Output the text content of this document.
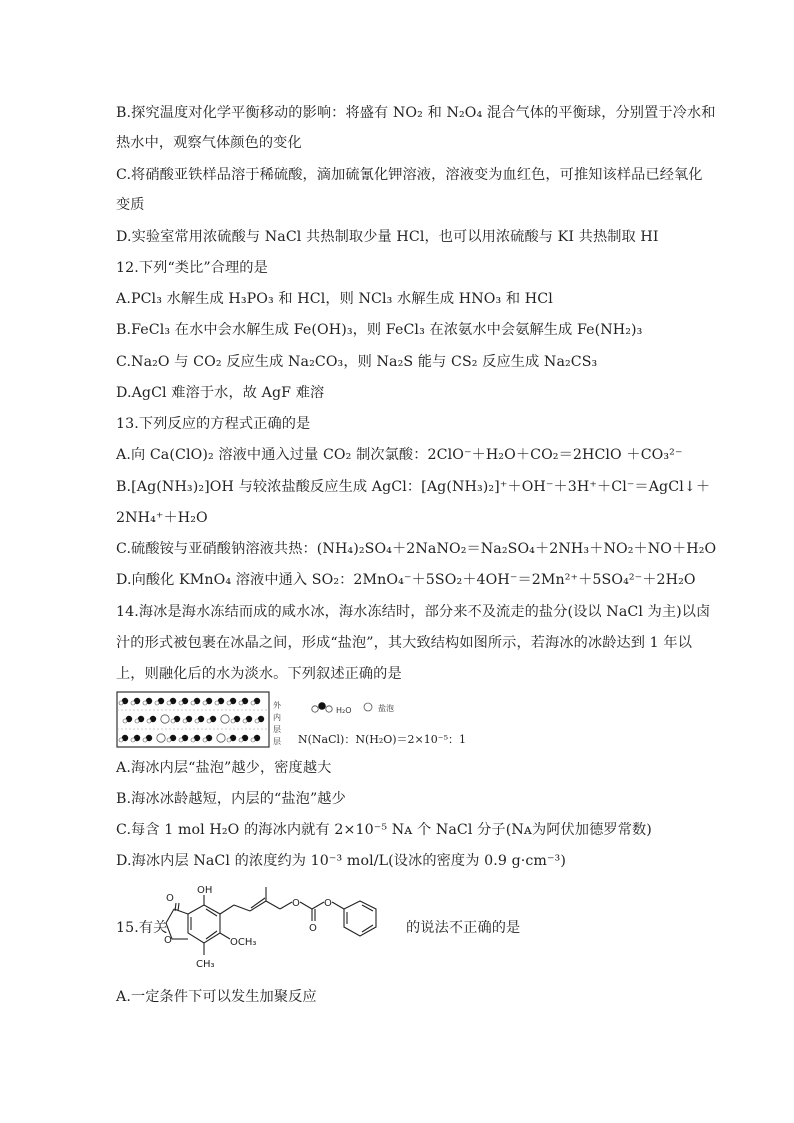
B.探究温度对化学平衡移动的影响：将盛有 NO₂ 和 N₂O₄ 混合气体的平衡球，分别置于冷水和
热水中，观察气体颜色的变化
C.将硝酸亚铁样品溶于稀硫酸，滴加硫氰化钾溶液，溶液变为血红色，可推知该样品已经氧化
变质
D.实验室常用浓硫酸与 NaCl 共热制取少量 HCl，也可以用浓硫酸与 KI 共热制取 HI
12.下列“类比”合理的是
A.PCl₃ 水解生成 H₃PO₃ 和 HCl，则 NCl₃ 水解生成 HNO₃ 和 HCl
B.FeCl₃ 在水中会水解生成 Fe(OH)₃，则 FeCl₃ 在浓氨水中会氨解生成 Fe(NH₂)₃
C.Na₂O 与 CO₂ 反应生成 Na₂CO₃，则 Na₂S 能与 CS₂ 反应生成 Na₂CS₃
D.AgCl 难溶于水，故 AgF 难溶
13.下列反应的方程式正确的是
A.向 Ca(ClO)₂ 溶液中通入过量 CO₂ 制次氯酸：2ClO⁻＋H₂O＋CO₂＝2HClO ＋CO₃²⁻
B.[Ag(NH₃)₂]OH 与较浓盐酸反应生成 AgCl：[Ag(NH₃)₂]⁺＋OH⁻＋3H⁺＋Cl⁻＝AgCl↓＋
2NH₄⁺＋H₂O
C.硫酸铵与亚硝酸钠溶液共热：(NH₄)₂SO₄＋2NaNO₂＝Na₂SO₄＋2NH₃＋NO₂＋NO＋H₂O
D.向酸化 KMnO₄ 溶液中通入 SO₂：2MnO₄⁻＋5SO₂＋4OH⁻＝2Mn²⁺＋5SO₄²⁻＋2H₂O
14.海冰是海水冻结而成的咸水冰，海水冻结时，部分来不及流走的盐分(设以 NaCl 为主)以卤
汁的形式被包裹在冰晶之间，形成“盐泡”，其大致结构如图所示，若海冰的冰龄达到 1 年以
上，则融化后的水为淡水。下列叙述正确的是
外
内
层
层
H₂O	盐泡
N(NaCl)：N(H₂O)＝2×10⁻⁵：1
A.海冰内层“盐泡”越少，密度越大
B.海冰冰龄越短，内层的“盐泡”越少
C.每含 1 mol H₂O 的海冰内就有 2×10⁻⁵ Nᴀ 个 NaCl 分子(Nᴀ为阿伏加德罗常数)
D.海冰内层 NaCl 的浓度约为 10⁻³ mol/L(设冰的密度为 0.9 g·cm⁻³)
15.有关
O
O
O O
O
OH
OCH₃
CH₃
的说法不正确的是
A.一定条件下可以发生加聚反应
